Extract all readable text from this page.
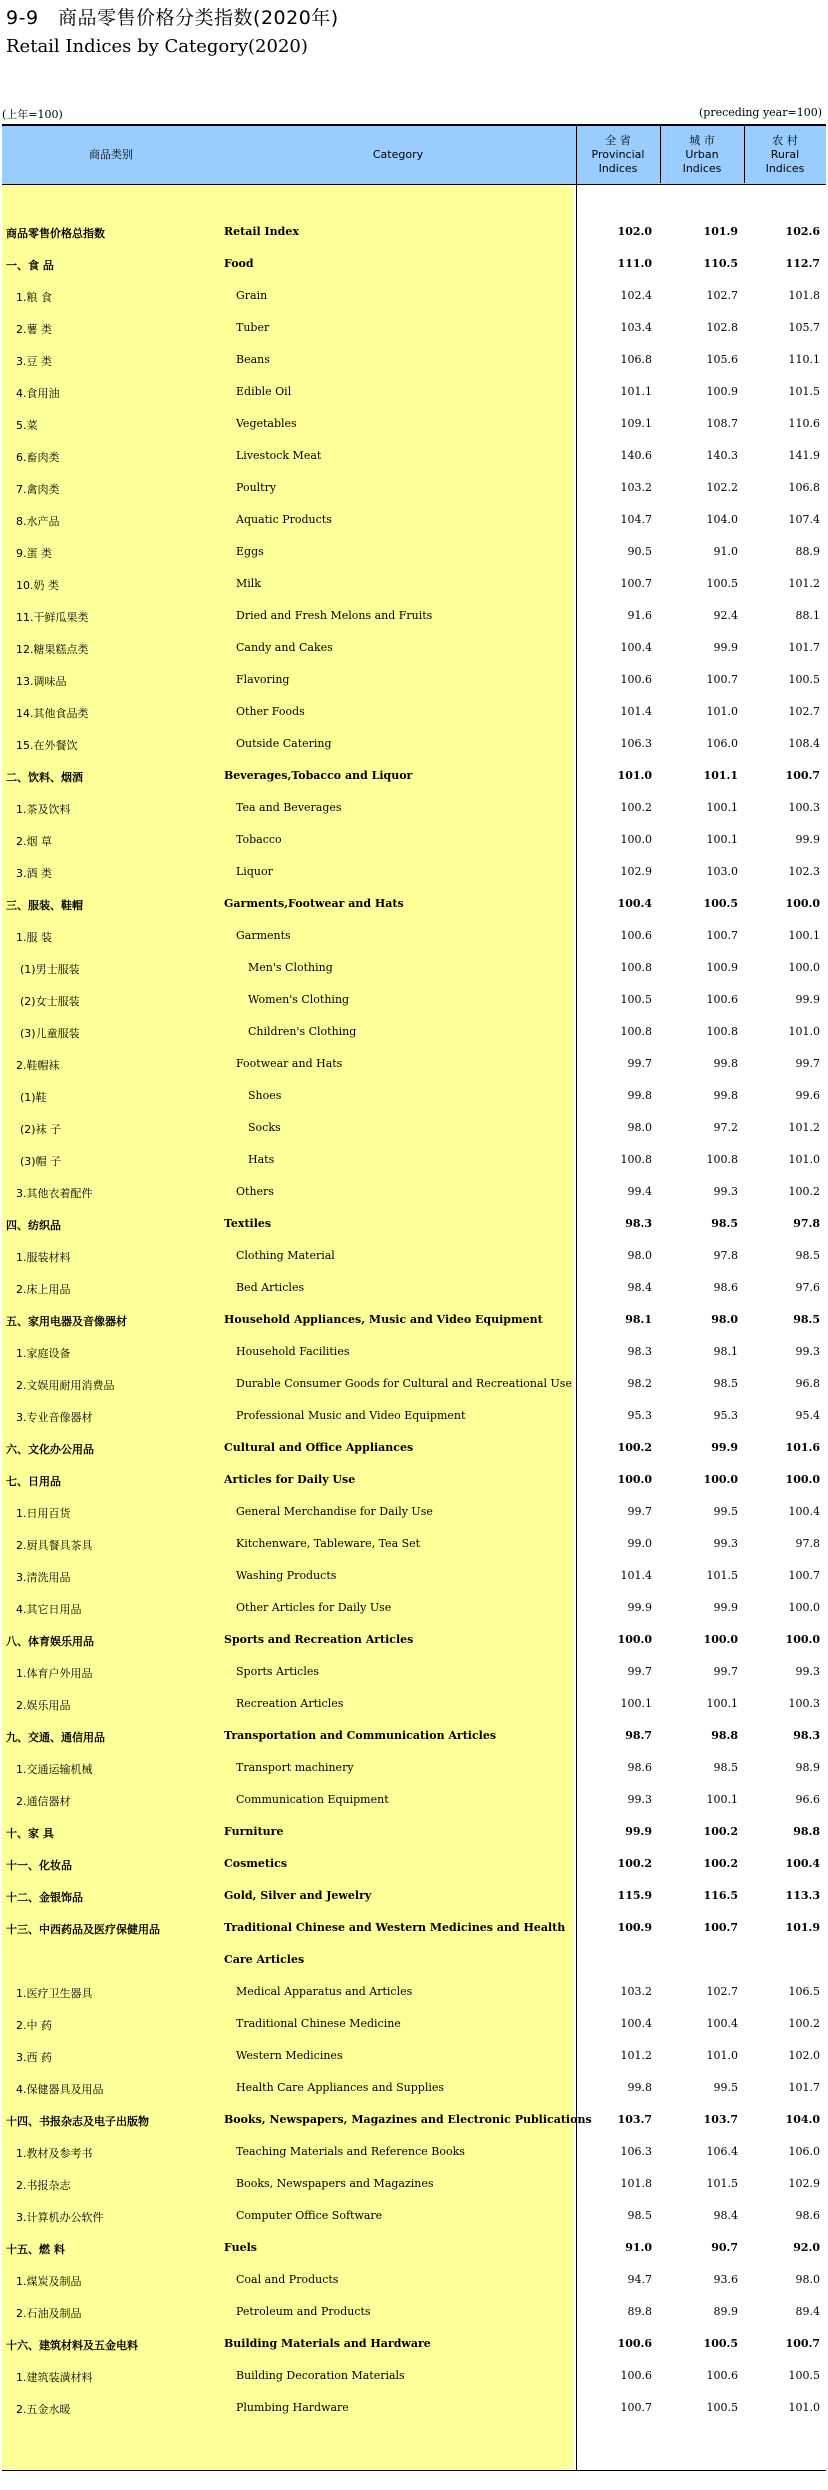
9-9　商品零售价格分类指数(2020年)
Retail Indices by Category(2020)
(上年=100)	(preceding year=100)
商品类别	Category
全 省
Provincial
Indices
城 市
Urban
Indices
农 村
Rural
Indices
商品零售价格总指数	Retail Index	102.0	101.9	102.6
一、食 品	Food	111.0	110.5	112.7
1.粮 食	Grain	102.4	102.7	101.8
2.薯 类	Tuber	103.4	102.8	105.7
3.豆 类	Beans	106.8	105.6	110.1
4.食用油	Edible Oil	101.1	100.9	101.5
5.菜	Vegetables	109.1	108.7	110.6
6.畜肉类	Livestock Meat	140.6	140.3	141.9
7.禽肉类	Poultry	103.2	102.2	106.8
8.水产品	Aquatic Products	104.7	104.0	107.4
9.蛋 类	Eggs	90.5	91.0	88.9
10.奶 类	Milk	100.7	100.5	101.2
11.干鲜瓜果类	Dried and Fresh Melons and Fruits	91.6	92.4	88.1
12.糖果糕点类	Candy and Cakes	100.4	99.9	101.7
13.调味品	Flavoring	100.6	100.7	100.5
14.其他食品类	Other Foods	101.4	101.0	102.7
15.在外餐饮	Outside Catering	106.3	106.0	108.4
二、饮料、烟酒	Beverages,Tobacco and Liquor	101.0	101.1	100.7
1.茶及饮料	Tea and Beverages	100.2	100.1	100.3
2.烟 草	Tobacco	100.0	100.1	99.9
3.酒 类	Liquor	102.9	103.0	102.3
三、服装、鞋帽	Garments,Footwear and Hats	100.4	100.5	100.0
1.服 装	Garments	100.6	100.7	100.1
(1)男士服装	Men's Clothing	100.8	100.9	100.0
(2)女士服装	Women's Clothing	100.5	100.6	99.9
(3)儿童服装	Children's Clothing	100.8	100.8	101.0
2.鞋帽袜	Footwear and Hats	99.7	99.8	99.7
(1)鞋	Shoes	99.8	99.8	99.6
(2)袜 子	Socks	98.0	97.2	101.2
(3)帽 子	Hats	100.8	100.8	101.0
3.其他衣着配件	Others	99.4	99.3	100.2
四、纺织品	Textiles	98.3	98.5	97.8
1.服装材料	Clothing Material	98.0	97.8	98.5
2.床上用品	Bed Articles	98.4	98.6	97.6
五、家用电器及音像器材	Household Appliances, Music and Video Equipment	98.1	98.0	98.5
1.家庭设备	Household Facilities	98.3	98.1	99.3
2.文娱用耐用消费品	Durable Consumer Goods for Cultural and Recreational Use	98.2	98.5	96.8
3.专业音像器材	Professional Music and Video Equipment	95.3	95.3	95.4
六、文化办公用品	Cultural and Office Appliances	100.2	99.9	101.6
七、日用品	Articles for Daily Use	100.0	100.0	100.0
1.日用百货	General Merchandise for Daily Use	99.7	99.5	100.4
2.厨具餐具茶具	Kitchenware, Tableware, Tea Set	99.0	99.3	97.8
3.清洗用品	Washing Products	101.4	101.5	100.7
4.其它日用品	Other Articles for Daily Use	99.9	99.9	100.0
八、体育娱乐用品	Sports and Recreation Articles	100.0	100.0	100.0
1.体育户外用品	Sports Articles	99.7	99.7	99.3
2.娱乐用品	Recreation Articles	100.1	100.1	100.3
九、交通、通信用品	Transportation and Communication Articles	98.7	98.8	98.3
1.交通运输机械	Transport machinery	98.6	98.5	98.9
2.通信器材	Communication Equipment	99.3	100.1	96.6
十、家 具	Furniture	99.9	100.2	98.8
十一、化妆品	Cosmetics	100.2	100.2	100.4
十二、金银饰品	Gold, Silver and Jewelry	115.9	116.5	113.3
十三、中西药品及医疗保健用品	Traditional Chinese and Western Medicines and Health	100.9	100.7	101.9
Care Articles
1.医疗卫生器具	Medical Apparatus and Articles	103.2	102.7	106.5
2.中 药	Traditional Chinese Medicine	100.4	100.4	100.2
3.西 药	Western Medicines	101.2	101.0	102.0
4.保健器具及用品	Health Care Appliances and Supplies	99.8	99.5	101.7
十四、书报杂志及电子出版物	Books, Newspapers, Magazines and Electronic Publications	103.7	103.7	104.0
1.教材及参考书	Teaching Materials and Reference Books	106.3	106.4	106.0
2.书报杂志	Books, Newspapers and Magazines	101.8	101.5	102.9
3.计算机办公软件	Computer Office Software	98.5	98.4	98.6
十五、燃 料	Fuels	91.0	90.7	92.0
1.煤炭及制品	Coal and Products	94.7	93.6	98.0
2.石油及制品	Petroleum and Products	89.8	89.9	89.4
十六、建筑材料及五金电料	Building Materials and Hardware	100.6	100.5	100.7
1.建筑装潢材料	Building Decoration Materials	100.6	100.6	100.5
2.五金水暖	Plumbing Hardware	100.7	100.5	101.0
